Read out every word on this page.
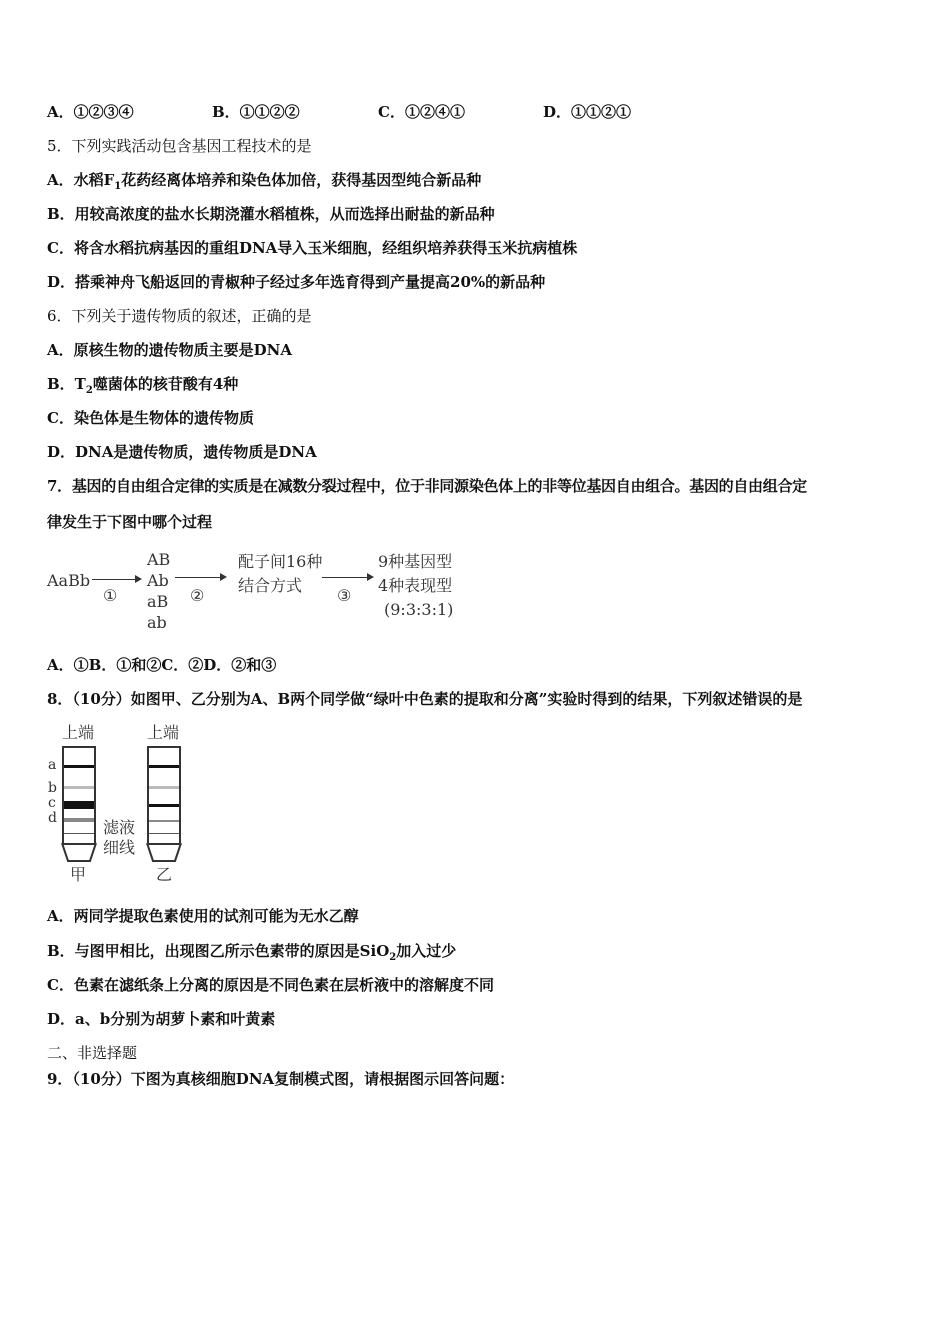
A．①②③④	B．①①②②	C．①②④①	D．①①②①
5．下列实践活动包含基因工程技术的是
A．水稻$F_1$花药经离体培养和染色体加倍，获得基因型纯合新品种
B．用较高浓度的盐水长期浇灌水稻植株，从而选择出耐盐的新品种
C．将含水稻抗病基因的重组DNA导入玉米细胞，经组织培养获得玉米抗病植株
D．搭乘神舟飞船返回的青椒种子经过多年选育得到产量提高20%的新品种
6．下列关于遗传物质的叙述，正确的是
A．原核生物的遗传物质主要是DNA
B．$T_2$噬菌体的核苷酸有4种
C．染色体是生物体的遗传物质
D．DNA是遗传物质，遗传物质是DNA
7．基因的自由组合定律的实质是在减数分裂过程中，位于非同源染色体上的非等位基因自由组合。基因的自由组合定
律发生于下图中哪个过程
AaBb
①
AB
Ab
aB
ab
②
配子间16种
结合方式
③
9种基因型
4种表现型
(9:3:3:1)
A．①B．①和②C．②D．②和③
8．（10分）如图甲、乙分别为A、B两个同学做“绿叶中色素的提取和分离”实验时得到的结果，下列叙述错误的是
上端	上端
a
b
c
d	滤液
细线
甲	乙
A．两同学提取色素使用的试剂可能为无水乙醇
B．与图甲相比，出现图乙所示色素带的原因是SiO$_2$加入过少
C．色素在滤纸条上分离的原因是不同色素在层析液中的溶解度不同
D．a、b分别为胡萝卜素和叶黄素
二、非选择题
9．（10分）下图为真核细胞DNA复制模式图，请根据图示回答问题：
